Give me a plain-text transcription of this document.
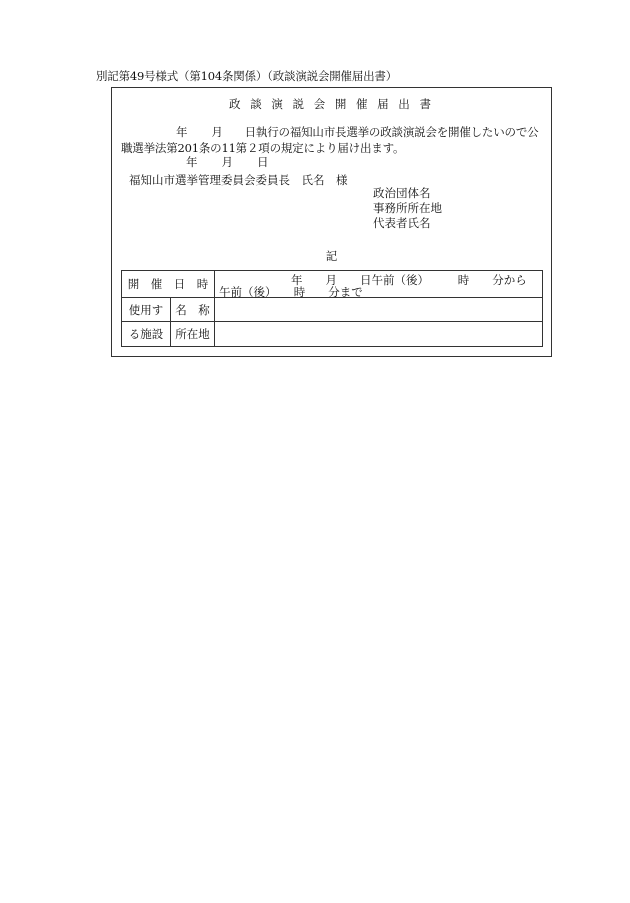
別記第49号様式（第104条関係）（政談演説会開催届出書）
政 談 演 説 会 開 催 届 出 書
年 月 日執行の福知山市長選挙の政談演説会を開催したいので公
職選挙法第201条の11第２項の規定により届け出ます。
年 月 日
福知山市選挙管理委員会委員長　氏名　様
政治団体名
事務所所在地
代表者氏名
記
開　催　日　時		年　　月　　日午前（後）　　　時　　分から
午前（後）　　時　　分まで

使用す	名　称	
る施設	所在地	
